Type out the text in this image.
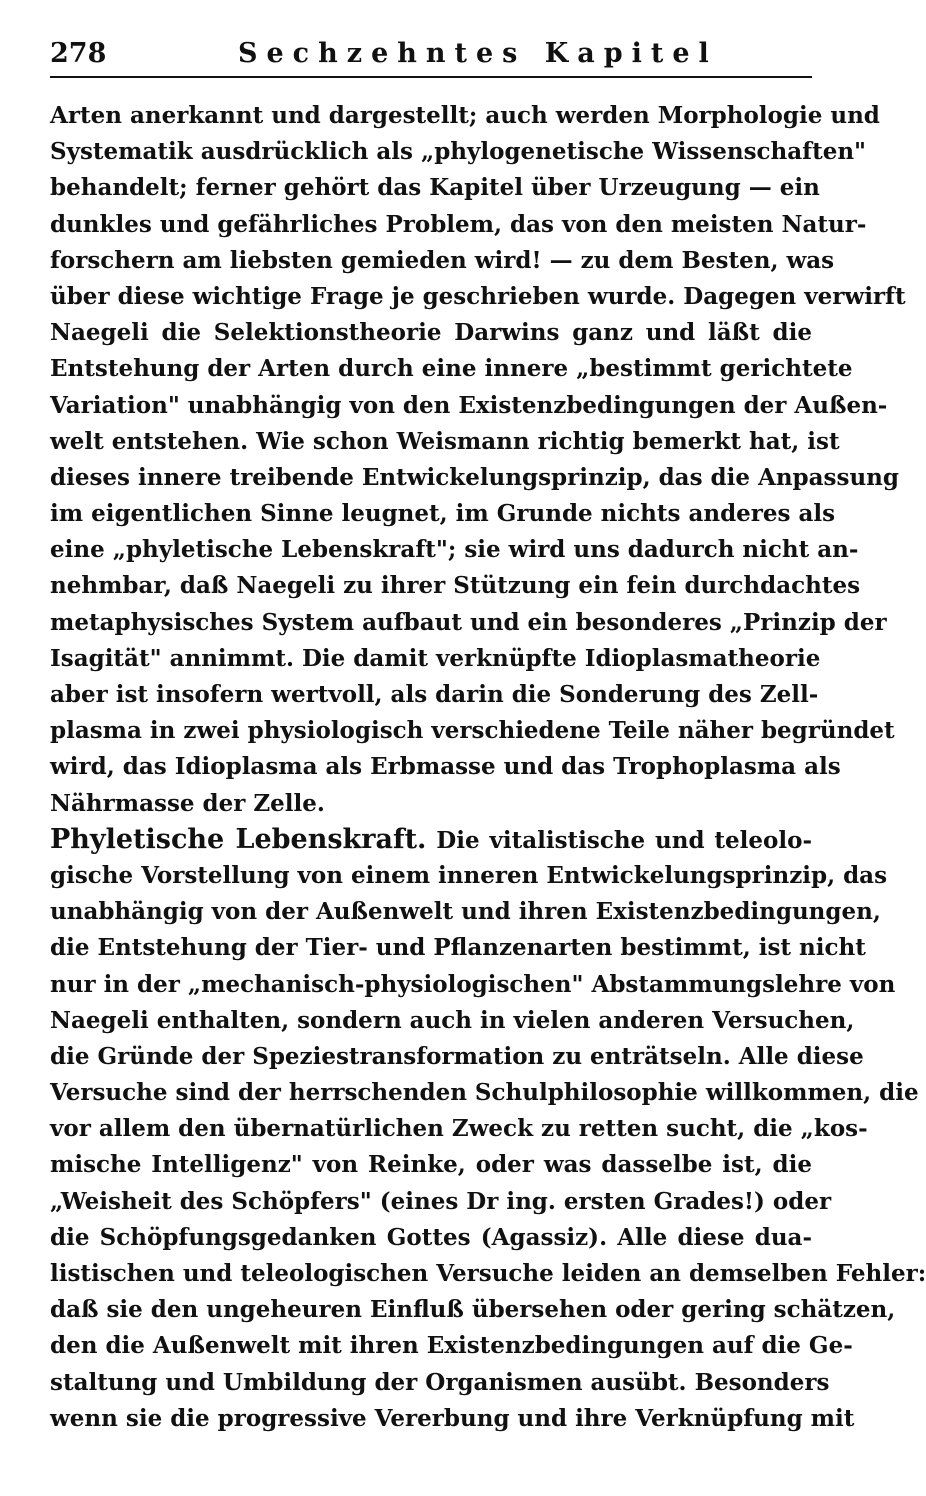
278	Sechzehntes Kapitel
Arten anerkannt und dargestellt; auch werden Morphologie und
Systematik ausdrücklich als „phylogenetische Wissenschaften"
behandelt; ferner gehört das Kapitel über Urzeugung — ein
dunkles und gefährliches Problem, das von den meisten Natur-
forschern am liebsten gemieden wird! — zu dem Besten, was
über diese wichtige Frage je geschrieben wurde. Dagegen verwirft
Naegeli die Selektionstheorie Darwins ganz und läßt die
Entstehung der Arten durch eine innere „bestimmt gerichtete
Variation" unabhängig von den Existenzbedingungen der Außen-
welt entstehen. Wie schon Weismann richtig bemerkt hat, ist
dieses innere treibende Entwickelungsprinzip, das die Anpassung
im eigentlichen Sinne leugnet, im Grunde nichts anderes als
eine „phyletische Lebenskraft"; sie wird uns dadurch nicht an-
nehmbar, daß Naegeli zu ihrer Stützung ein fein durchdachtes
metaphysisches System aufbaut und ein besonderes „Prinzip der
Isagität" annimmt. Die damit verknüpfte Idioplasmatheorie
aber ist insofern wertvoll, als darin die Sonderung des Zell-
plasma in zwei physiologisch verschiedene Teile näher begründet
wird, das Idioplasma als Erbmasse und das Trophoplasma als
Nährmasse der Zelle.
Phyletische Lebenskraft. Die vitalistische und teleolo-
gische Vorstellung von einem inneren Entwickelungsprinzip, das
unabhängig von der Außenwelt und ihren Existenzbedingungen,
die Entstehung der Tier- und Pflanzenarten bestimmt, ist nicht
nur in der „mechanisch-physiologischen" Abstammungslehre von
Naegeli enthalten, sondern auch in vielen anderen Versuchen,
die Gründe der Speziestransformation zu enträtseln. Alle diese
Versuche sind der herrschenden Schulphilosophie willkommen, die
vor allem den übernatürlichen Zweck zu retten sucht, die „kos-
mische Intelligenz" von Reinke, oder was dasselbe ist, die
„Weisheit des Schöpfers" (eines Dr ing. ersten Grades!) oder
die Schöpfungsgedanken Gottes (Agassiz). Alle diese dua-
listischen und teleologischen Versuche leiden an demselben Fehler:
daß sie den ungeheuren Einfluß übersehen oder gering schätzen,
den die Außenwelt mit ihren Existenzbedingungen auf die Ge-
staltung und Umbildung der Organismen ausübt. Besonders
wenn sie die progressive Vererbung und ihre Verknüpfung mit
